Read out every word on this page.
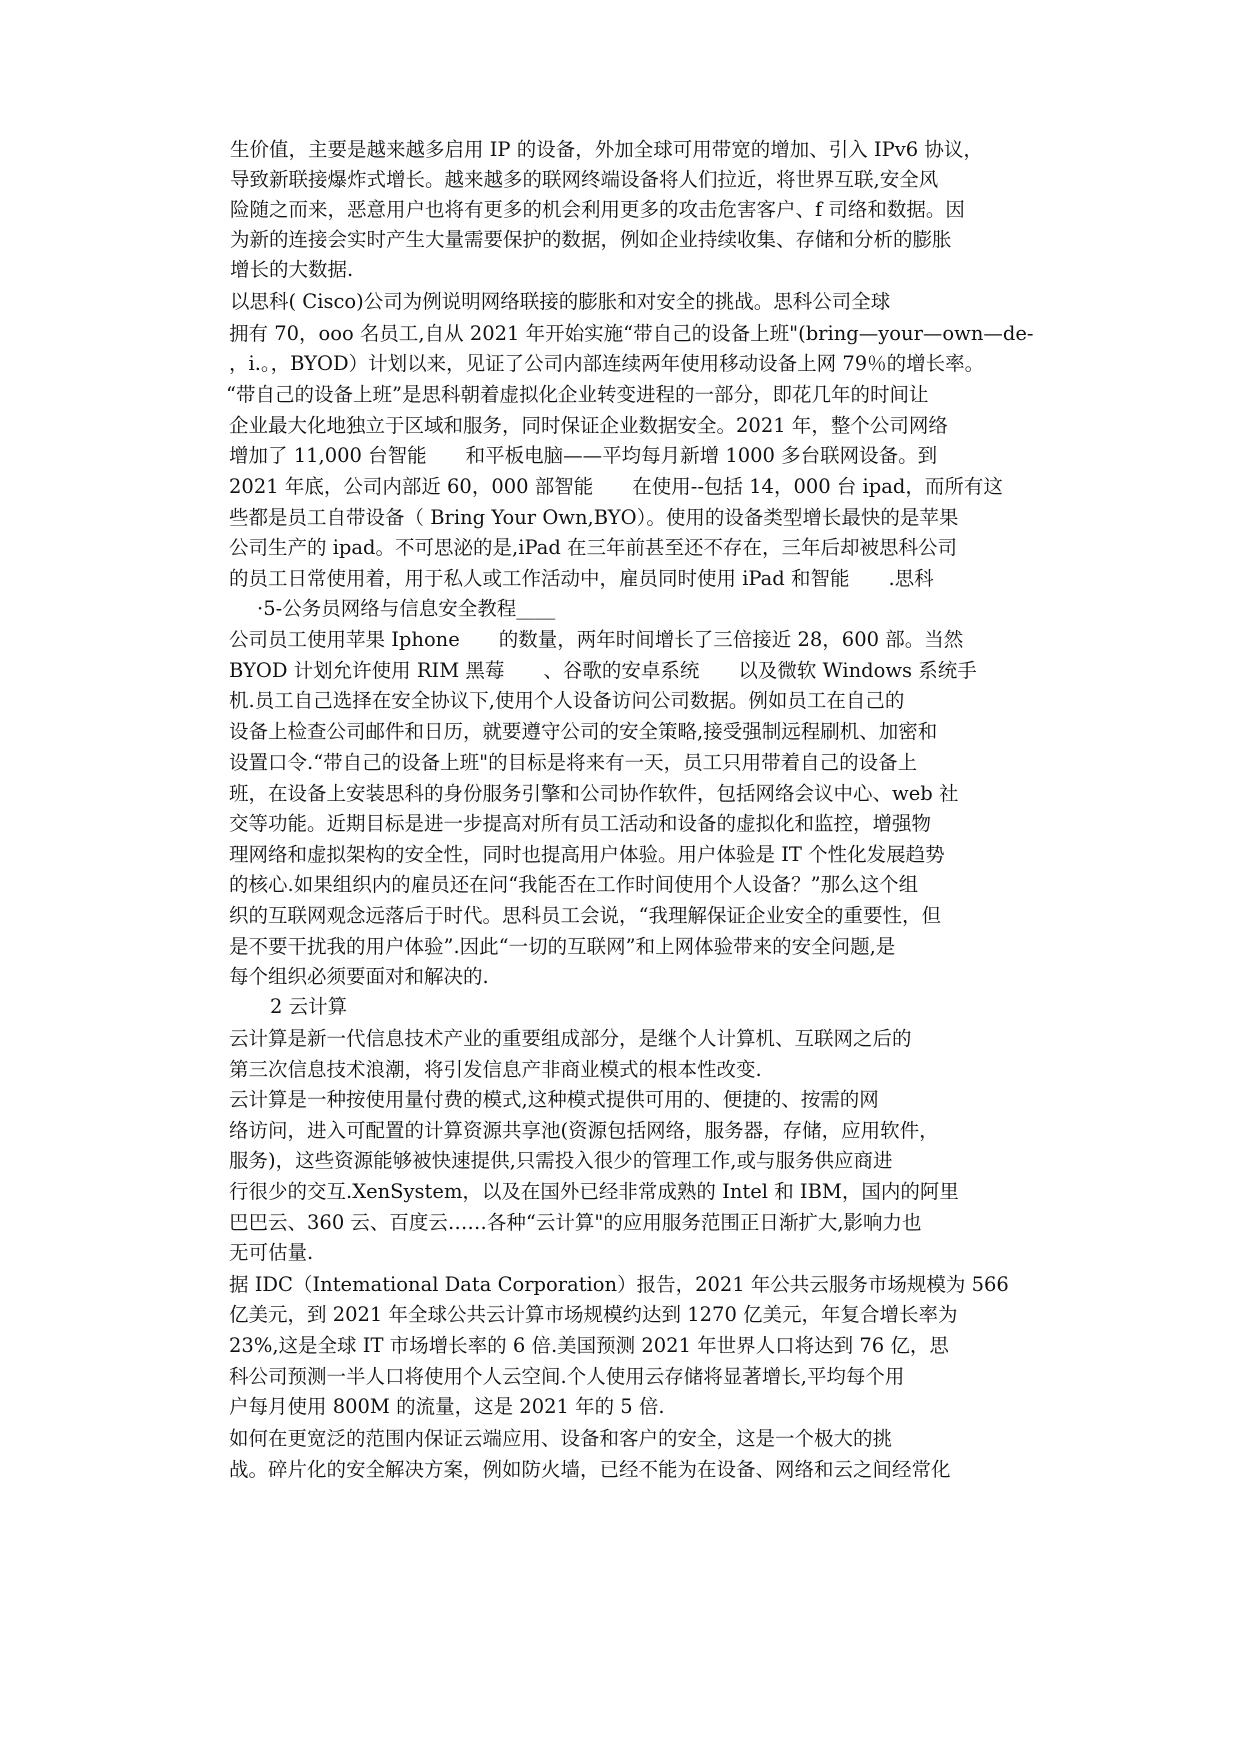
生价值，主要是越来越多启用 IP 的设备，外加全球可用带宽的增加、引入 IPv6 协议，
导致新联接爆炸式增长。越来越多的联网终端设备将人们拉近，将世界互联,安全风
险随之而来，恶意用户也将有更多的机会利用更多的攻击危害客户、f 司络和数据。因
为新的连接会实时产生大量需要保护的数据，例如企业持续收集、存储和分析的膨胀
增长的大数据.
以思科( Cisco)公司为例说明网络联接的膨胀和对安全的挑战。思科公司全球
拥有 70，ooo 名员工,自从 2021 年开始实施“带自己的设备上班"(bring—your—own—de-
，i.。，BYOD）计划以来，见证了公司内部连续两年使用移动设备上网 79％的增长率。
“带自己的设备上班”是思科朝着虚拟化企业转变进程的一部分，即花几年的时间让
企业最大化地独立于区域和服务，同时保证企业数据安全。2021 年，整个公司网络
增加了 11,000 台智能　　和平板电脑——平均每月新增 1000 多台联网设备。到
2021 年底，公司内部近 60，000 部智能　　在使用--包括 14，000 台 ipad，而所有这
些都是员工自带设备（ Bring Your Own,BYO）。使用的设备类型增长最快的是苹果
公司生产的 ipad。不可思泌的是,iPad 在三年前甚至还不存在，三年后却被思科公司
的员工日常使用着，用于私人或工作活动中，雇员同时使用 iPad 和智能　　.思科
·5-公务员网络与信息安全教程____
公司员工使用苹果 Iphone　　的数量，两年时间增长了三倍接近 28，600 部。当然
BYOD 计划允许使用 RIM 黑莓　　、谷歌的安卓系统　　以及微软 Windows 系统手
机.员工自己选择在安全协议下,使用个人设备访问公司数据。例如员工在自己的
设备上检查公司邮件和日历，就要遵守公司的安全策略,接受强制远程刷机、加密和
设置口令.“带自己的设备上班"的目标是将来有一天，员工只用带着自己的设备上
班，在设备上安装思科的身份服务引擎和公司协作软件，包括网络会议中心、web 社
交等功能。近期目标是进一步提高对所有员工活动和设备的虚拟化和监控，增强物
理网络和虚拟架构的安全性，同时也提高用户体验。用户体验是 IT 个性化发展趋势
的核心.如果组织内的雇员还在问“我能否在工作时间使用个人设备？”那么这个组
织的互联网观念远落后于时代。思科员工会说，“我理解保证企业安全的重要性，但
是不要干扰我的用户体验”.因此“一切的互联网”和上网体验带来的安全问题,是
每个组织必须要面对和解决的.
2 云计算
云计算是新一代信息技术产业的重要组成部分，是继个人计算机、互联网之后的
第三次信息技术浪潮，将引发信息产非商业模式的根本性改变.
云计算是一种按使用量付费的模式,这种模式提供可用的、便捷的、按需的网
络访问，进入可配置的计算资源共享池(资源包括网络，服务器，存储，应用软件，
服务)，这些资源能够被快速提供,只需投入很少的管理工作,或与服务供应商进
行很少的交互.XenSystem，以及在国外已经非常成熟的 Intel 和 IBM，国内的阿里
巴巴云、360 云、百度云……各种“云计算"的应用服务范围正日渐扩大,影响力也
无可估量.
据 IDC（Intemational Data Corporation）报告，2021 年公共云服务市场规模为 566
亿美元，到 2021 年全球公共云计算市场规模约达到 1270 亿美元，年复合增长率为
23%,这是全球 IT 市场增长率的 6 倍.美国预测 2021 年世界人口将达到 76 亿，思
科公司预测一半人口将使用个人云空间.个人使用云存储将显著增长,平均每个用
户每月使用 800M 的流量，这是 2021 年的 5 倍.
如何在更宽泛的范围内保证云端应用、设备和客户的安全，这是一个极大的挑
战。碎片化的安全解决方案，例如防火墙，已经不能为在设备、网络和云之间经常化
